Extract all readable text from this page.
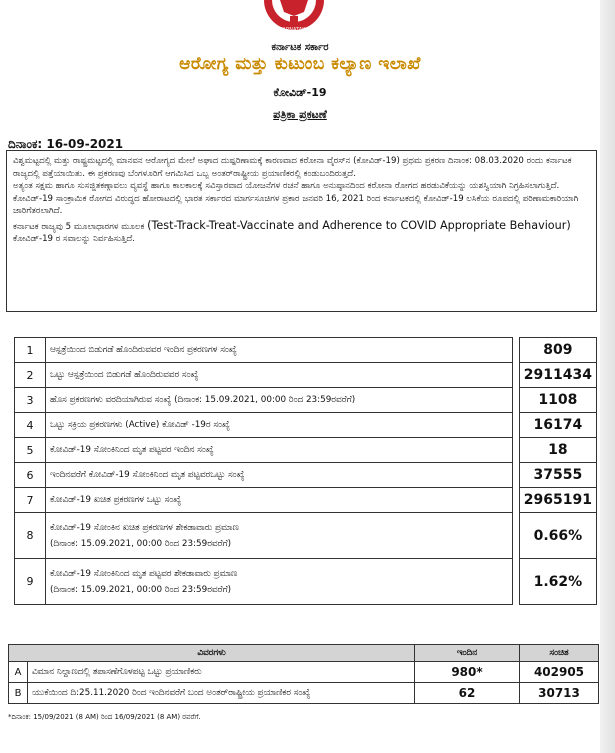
KARNATAKA
ಕರ್ನಾಟಕ ಸರ್ಕಾರ
ಆರೋಗ್ಯ ಮತ್ತು ಕುಟುಂಬ ಕಲ್ಯಾಣ ಇಲಾಖೆ
ಕೋವಿಡ್-19
ಪತ್ರಿಕಾ ಪ್ರಕಟಣೆ
ದಿನಾಂಕ: 16-09-2021

ವಿಶ್ವಮಟ್ಟದಲ್ಲಿ ಮತ್ತು ರಾಷ್ಟ್ರಮಟ್ಟದಲ್ಲಿ ಮಾನವನ ಆರೋಗ್ಯದ ಮೇಲೆ ಅಘಾದ ದುಷ್ಪರಿಣಾಮಕ್ಕೆ ಕಾರಣವಾದ ಕರೋನಾ ವೈರಸ್‌ನ (ಕೋವಿಡ್-19) ಪ್ರಥಮ ಪ್ರಕರಣ ದಿನಾಂಕ: 08.03.2020 ರಂದು ಕರ್ನಾಟಕ ರಾಜ್ಯದಲ್ಲಿ ಪತ್ತೆಯಾಯಿತು. ಈ ಪ್ರಕರಣವು ಬೆಂಗಳೂರಿಗೆ ಆಗಮಿಸಿದ ಒಬ್ಬ ಅಂತರ್‌ರಾಷ್ಟ್ರೀಯ ಪ್ರಯಾಣಿಕರಲ್ಲಿ ಕಂಡುಬಂದಿರುತ್ತದೆ.

ಅತ್ಯಂತ ಸಕ್ಷಮ ಹಾಗೂ ಸುಸಜ್ಜಿತಕಣ್ಗಾವಲು ವ್ಯವಸ್ಥೆ ಹಾಗೂ ಕಾಲಕಾಲಕ್ಕೆ ಸವಿಸ್ತಾರವಾದ ಯೋಜನೆಗಳ ರಚನೆ ಹಾಗೂ ಅನುಷ್ಠಾನದಿಂದ ಕರೋನಾ ರೋಗದ ಹರಡುವಿಕೆಯನ್ನು ಯಶಸ್ವಿಯಾಗಿ ನಿಗ್ರಹಿಸಲಾಗುತ್ತಿದೆ.

ಕೋವಿಡ್-19 ಸಾಂಕ್ರಾಮಿಕ ರೋಗದ ವಿರುದ್ಧದ ಹೋರಾಟದಲ್ಲಿ ಭಾರತ ಸರ್ಕಾರದ ಮಾರ್ಗಸೂಚಿಗಳ ಪ್ರಕಾರ ಜನವರಿ 16, 2021 ರಿಂದ ಕರ್ನಾಟಕದಲ್ಲಿ ಕೋವಿಡ್-19 ಲಸಿಕೆಯ ರೂಪದಲ್ಲಿ ಪರಿಣಾಮಕಾರಿಯಾಗಿ ಜಾರಿಗೆತರಲಾಗಿದೆ.

ಕರ್ನಾಟಕ ರಾಜ್ಯವು 5 ಮೂಲಾಧಾರಗಳ ಮೂಲಕ (Test-Track-Treat-Vaccinate and Adherence to COVID Appropriate Behaviour) ಕೋವಿಡ್-19 ರ ಸವಾಲನ್ನು ನಿರ್ವಹಿಸುತ್ತಿದೆ.

1	ಆಸ್ಪತ್ರೆಯಿಂದ ಬಿಡುಗಡೆ ಹೊಂದಿರುವವರ ಇಂದಿನ ಪ್ರಕರಣಗಳ ಸಂಖ್ಯೆ		809
2	ಒಟ್ಟು ಆಸ್ಪತ್ರೆಯಿಂದ ಬಿಡುಗಡೆ ಹೊಂದಿರುವವರ ಸಂಖ್ಯೆ		2911434
3	ಹೊಸ ಪ್ರಕರಣಗಳು ವರದಿಯಾಗಿರುವ ಸಂಖ್ಯೆ (ದಿನಾಂಕ: 15.09.2021, 00:00 ರಿಂದ 23:59ರವರೆಗೆ)		1108
4	ಒಟ್ಟು ಸಕ್ರಿಯ ಪ್ರಕರಣಗಳು (Active) ಕೋವಿಡ್ -19ರ ಸಂಖ್ಯೆ		16174
5	ಕೋವಿಡ್-19 ಸೋಂಕಿನಿಂದ ಮೃತ ಪಟ್ಟವರ ಇಂದಿನ ಸಂಖ್ಯೆ		18
6	ಇಂದಿನವರೆಗೆ ಕೋವಿಡ್-19 ಸೋಂಕಿನಿಂದ ಮೃತ ಪಟ್ಟವರಒಟ್ಟು ಸಂಖ್ಯೆ		37555
7	ಕೋವಿಡ್-19 ಖಚಿತ ಪ್ರಕರಣಗಳ ಒಟ್ಟು ಸಂಖ್ಯೆ		2965191
8	ಕೋವಿಡ್-19 ಸೋಂಕಿನ ಖಚಿತ ಪ್ರಕರಣಗಳ ಶೇಕಡಾವಾರು ಪ್ರಮಾಣ
(ದಿನಾಂಕ: 15.09.2021, 00:00 ರಿಂದ 23:59ರವರೆಗೆ)		0.66%
9	ಕೋವಿಡ್-19 ಸೋಂಕಿನಿಂದ ಮೃತ ಪಟ್ಟವರ ಶೇಕಡಾವಾರು ಪ್ರಮಾಣ
(ದಿನಾಂಕ: 15.09.2021, 00:00 ರಿಂದ 23:59ರವರೆಗೆ)		1.62%
ವಿವರಗಳು		ಇಂದಿನ	ಸಂಚಿತ
A	ವಿಮಾನ ನಿಲ್ದಾಣದಲ್ಲಿ ತಪಾಸಣೆಗೊಳಪಟ್ಟ ಒಟ್ಟು ಪ್ರಯಾಣಿಕರು	980*	402905
B	ಯುಕೆಯಿಂದ ದಿ:25.11.2020 ರಿಂದ ಇಂದಿನವರೆಗೆ ಬಂದ ಅಂತರ್‌ರಾಷ್ಟ್ರೀಯ ಪ್ರಯಾಣಿಕರ ಸಂಖ್ಯೆ	62	30713
*ದಿನಾಂಕ: 15/09/2021 (8 AM) ರಿಂದ 16/09/2021 (8 AM) ರವರೆಗೆ.
